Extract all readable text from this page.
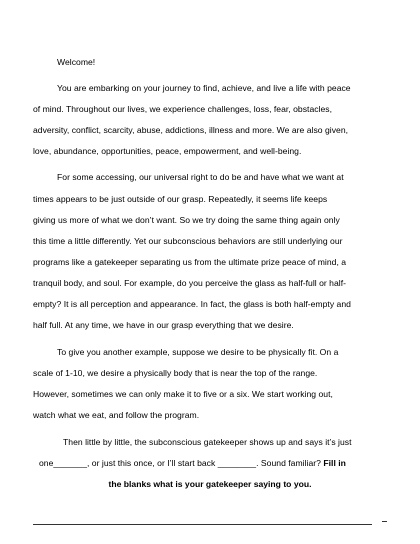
Welcome!
You are embarking on your journey to find, achieve, and live a life with peace
of mind. Throughout our lives, we experience challenges, loss, fear, obstacles,
adversity, conflict, scarcity, abuse, addictions, illness and more. We are also given,
love, abundance, opportunities, peace, empowerment, and well-being.
For some accessing, our universal right to do be and have what we want at
times appears to be just outside of our grasp. Repeatedly, it seems life keeps
giving us more of what we don’t want. So we try doing the same thing again only
this time a little differently. Yet our subconscious behaviors are still underlying our
programs like a gatekeeper separating us from the ultimate prize peace of mind, a
tranquil body, and soul. For example, do you perceive the glass as half-full or half-
empty? It is all perception and appearance. In fact, the glass is both half-empty and
half full. At any time, we have in our grasp everything that we desire.
To give you another example, suppose we desire to be physically fit. On a
scale of 1-10, we desire a physically body that is near the top of the range.
However, sometimes we can only make it to five or a six. We start working out,
watch what we eat, and follow the program.
Then little by little, the subconscious gatekeeper shows up and says it’s just
one_______, or just this once, or I’ll start back ________. Sound familiar? Fill in
the blanks what is your gatekeeper saying to you.
